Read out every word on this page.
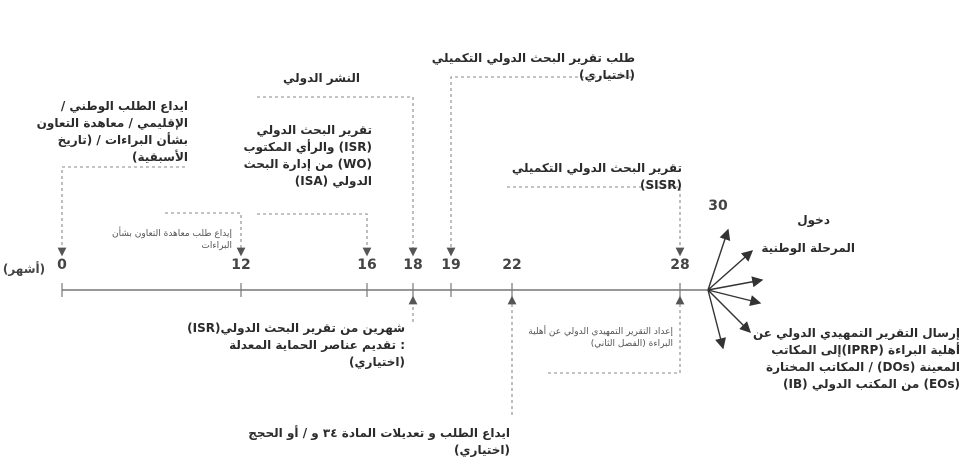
(أشهر) 0	12	16	18	19	22	28
30
ايداع الطلب الوطني / الإقليمي / معاهدة التعاون بشأن البراءات / (تاريخ الأسبقية)
إيداع طلب معاهدة التعاون بشأن البراءات
تقرير البحث الدولي (ISR) والرأي المكتوب (WO) من إدارة البحث الدولي (ISA)
النشر الدولي
طلب تقرير البحث الدولي التكميلي (اختياري)
تقرير البحث الدولي التكميلي (SISR)
دخول
المرحلة الوطنية
شهرين من تقرير البحث الدولي(ISR) : تقديم عناصر الحماية المعدلة (اختياري)
إعداد التقرير التمهيدي الدولي عن أهلية البراءة (الفصل الثاني)
ايداع الطلب و تعديلات المادة ٣٤ و / أو الحجج (اختياري)
إرسال التقرير التمهيدي الدولي عن أهلية البراءة (IPRP)إلى المكاتب المعينة (DOs) / المكاتب المختارة (EOs) من المكتب الدولي (IB)
